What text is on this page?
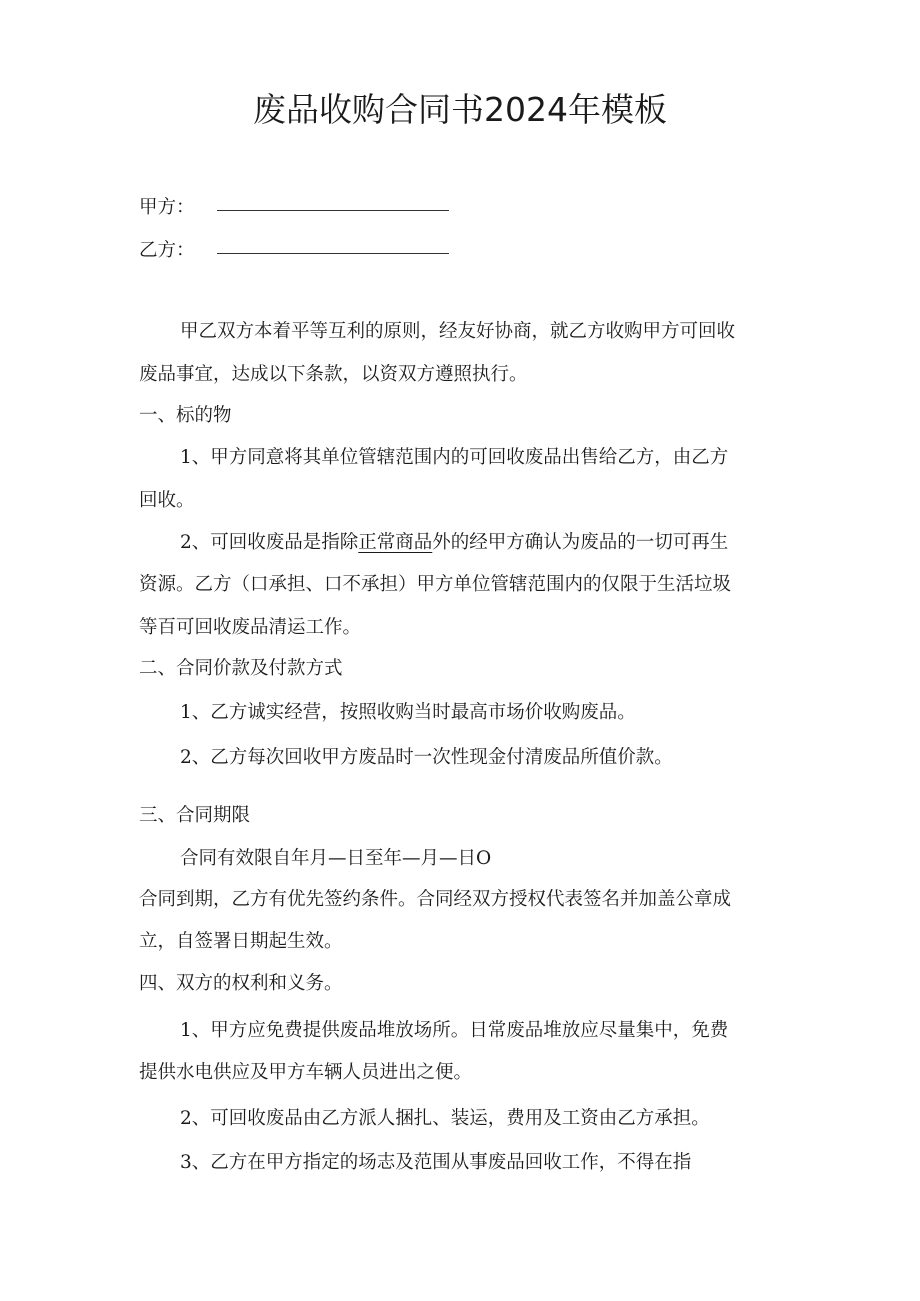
废品收购合同书2024年模板
甲方：
乙方：
甲乙双方本着平等互利的原则，经友好协商，就乙方收购甲方可回收
废品事宜，达成以下条款，以资双方遵照执行。
一、标的物
1、甲方同意将其单位管辖范围内的可回收废品出售给乙方，由乙方
回收。
2、可回收废品是指除正常商品外的经甲方确认为废品的一切可再生
资源。乙方（口承担、口不承担）甲方单位管辖范围内的仅限于生活垃圾
等百可回收废品清运工作。
二、合同价款及付款方式
1、乙方诚实经营，按照收购当时最高市场价收购废品。
2、乙方每次回收甲方废品时一次性现金付清废品所值价款。
三、合同期限
合同有效限自年月—日至年—月—日O
合同到期，乙方有优先签约条件。合同经双方授权代表签名并加盖公章成
立，自签署日期起生效。
四、双方的权利和义务。
1、甲方应免费提供废品堆放场所。日常废品堆放应尽量集中，免费
提供水电供应及甲方车辆人员进出之便。
2、可回收废品由乙方派人捆扎、装运，费用及工资由乙方承担。
3、乙方在甲方指定的场志及范围从事废品回收工作，不得在指
